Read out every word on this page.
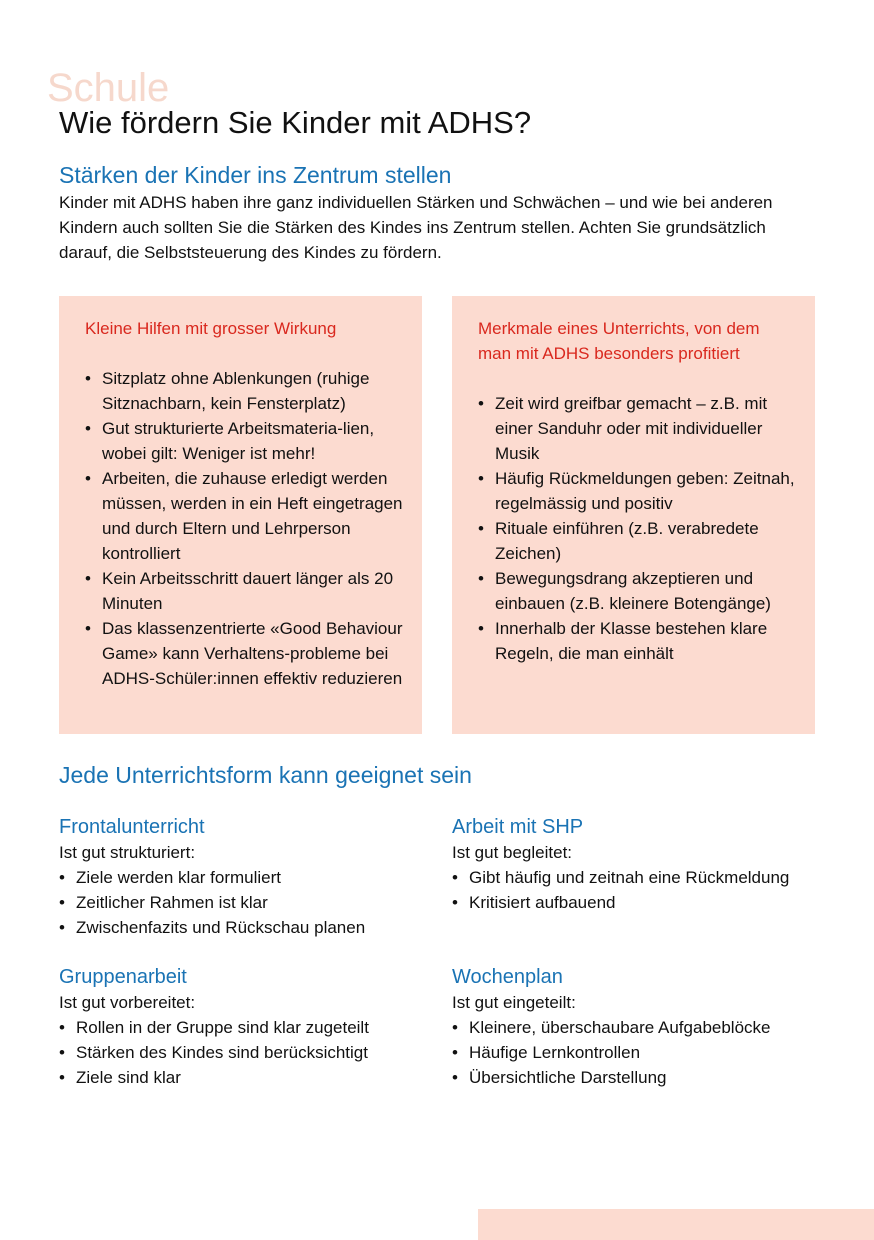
Schule
Wie fördern Sie Kinder mit ADHS?
Stärken der Kinder ins Zentrum stellen

Kinder mit ADHS haben ihre ganz individuellen Stärken und Schwächen – und wie bei anderen Kindern auch sollten Sie die Stärken des Kindes ins Zentrum stellen. Achten Sie grundsätzlich darauf, die Selbststeuerung des Kindes zu fördern.

Kleine Hilfen mit grosser Wirkung

• Sitzplatz ohne Ablenkungen (ruhige Sitznachbarn, kein Fensterplatz)
• Gut strukturierte Arbeitsmateria-lien, wobei gilt: Weniger ist mehr!
• Arbeiten, die zuhause erledigt werden müssen, werden in ein Heft eingetragen und durch Eltern und Lehrperson kontrolliert
• Kein Arbeitsschritt dauert länger als 20 Minuten
• Das klassenzentrierte «Good Behaviour Game» kann Verhaltens-probleme bei ADHS-Schüler:innen effektiv reduzieren

Merkmale eines Unterrichts, von dem man mit ADHS besonders profitiert

• Zeit wird greifbar gemacht – z.B. mit einer Sanduhr oder mit individueller Musik
• Häufig Rückmeldungen geben: Zeitnah, regelmässig und positiv
• Rituale einführen (z.B. verabredete Zeichen)
• Bewegungsdrang akzeptieren und einbauen (z.B. kleinere Botengänge)
• Innerhalb der Klasse bestehen klare Regeln, die man einhält
Jede Unterrichtsform kann geeignet sein
Frontalunterricht

Ist gut strukturiert:

• Ziele werden klar formuliert
• Zeitlicher Rahmen ist klar
• Zwischenfazits und Rückschau planen
Arbeit mit SHP

Ist gut begleitet:

• Gibt häufig und zeitnah eine Rückmeldung
• Kritisiert aufbauend
Gruppenarbeit

Ist gut vorbereitet:

• Rollen in der Gruppe sind klar zugeteilt
• Stärken des Kindes sind berücksichtigt
• Ziele sind klar
Wochenplan

Ist gut eingeteilt:

• Kleinere, überschaubare Aufgabeblöcke
• Häufige Lernkontrollen
• Übersichtliche Darstellung
